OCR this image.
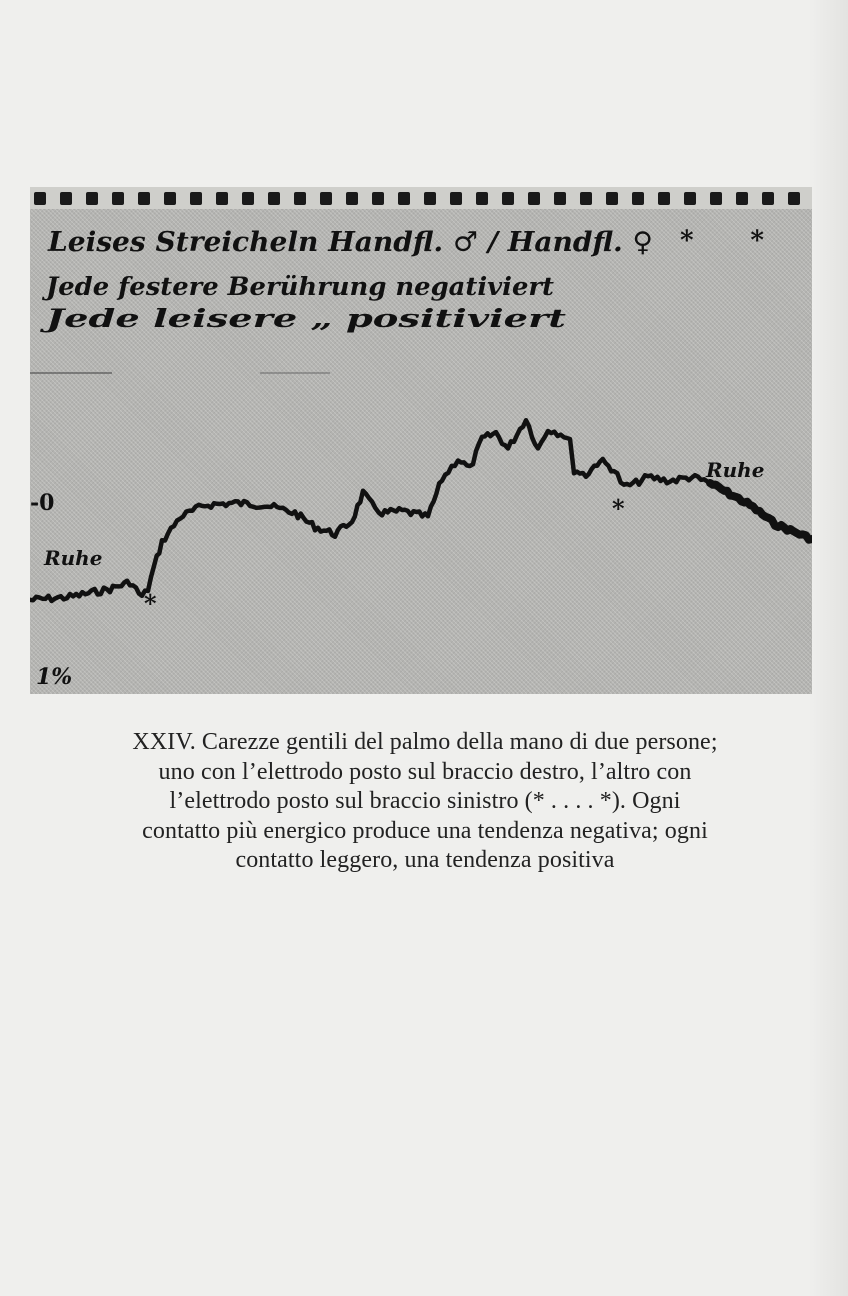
Leises Streicheln Handfl. ♂ / Handfl. ♀ * *
Jede festere Berührung negativiert
Jede leisere „ positiviert
-0
Ruhe
Ruhe
*
*
1%
XXIV. Carezze gentili del palmo della mano di due persone;
uno con l’elettrodo posto sul braccio destro, l’altro con
l’elettrodo posto sul braccio sinistro (* . . . . *). Ogni
contatto più energico produce una tendenza negativa; ogni
contatto leggero, una tendenza positiva
